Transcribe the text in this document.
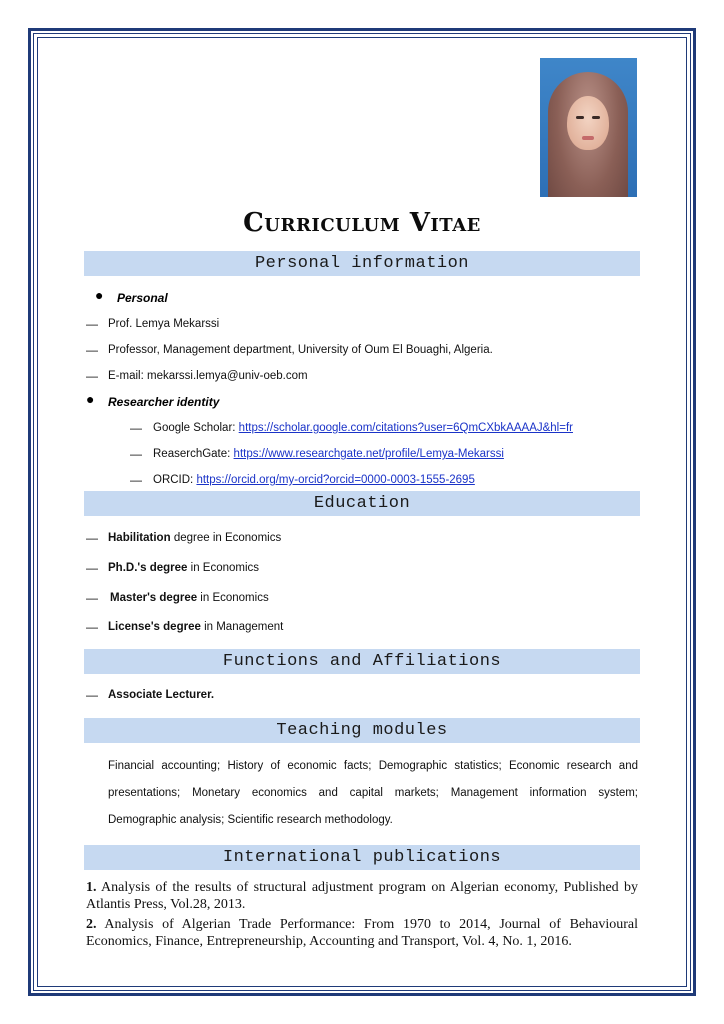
Curriculum Vitae
Personal information
● Personal
— Prof. Lemya Mekarssi
— Professor, Management department, University of Oum El Bouaghi, Algeria.
— E-mail: mekarssi.lemya@univ-oeb.com
● Researcher identity
— Google Scholar: https://scholar.google.com/citations?user=6QmCXbkAAAAJ&hl=fr
— ReaserchGate: https://www.researchgate.net/profile/Lemya-Mekarssi
— ORCID: https://orcid.org/my-orcid?orcid=0000-0003-1555-2695
Education
— Habilitation degree in Economics
— Ph.D.'s degree in Economics
— Master's degree in Economics
— License's degree in Management
Functions and Affiliations
— Associate Lecturer.
Teaching modules
Financial accounting; History of economic facts; Demographic statistics; Economic research and presentations; Monetary economics and capital markets; Management information system; Demographic analysis; Scientific research methodology.
International publications
1. Analysis of the results of structural adjustment program on Algerian economy, Published by Atlantis Press, Vol.28, 2013.
2. Analysis of Algerian Trade Performance: From 1970 to 2014, Journal of Behavioural Economics, Finance, Entrepreneurship, Accounting and Transport, Vol. 4, No. 1, 2016.
